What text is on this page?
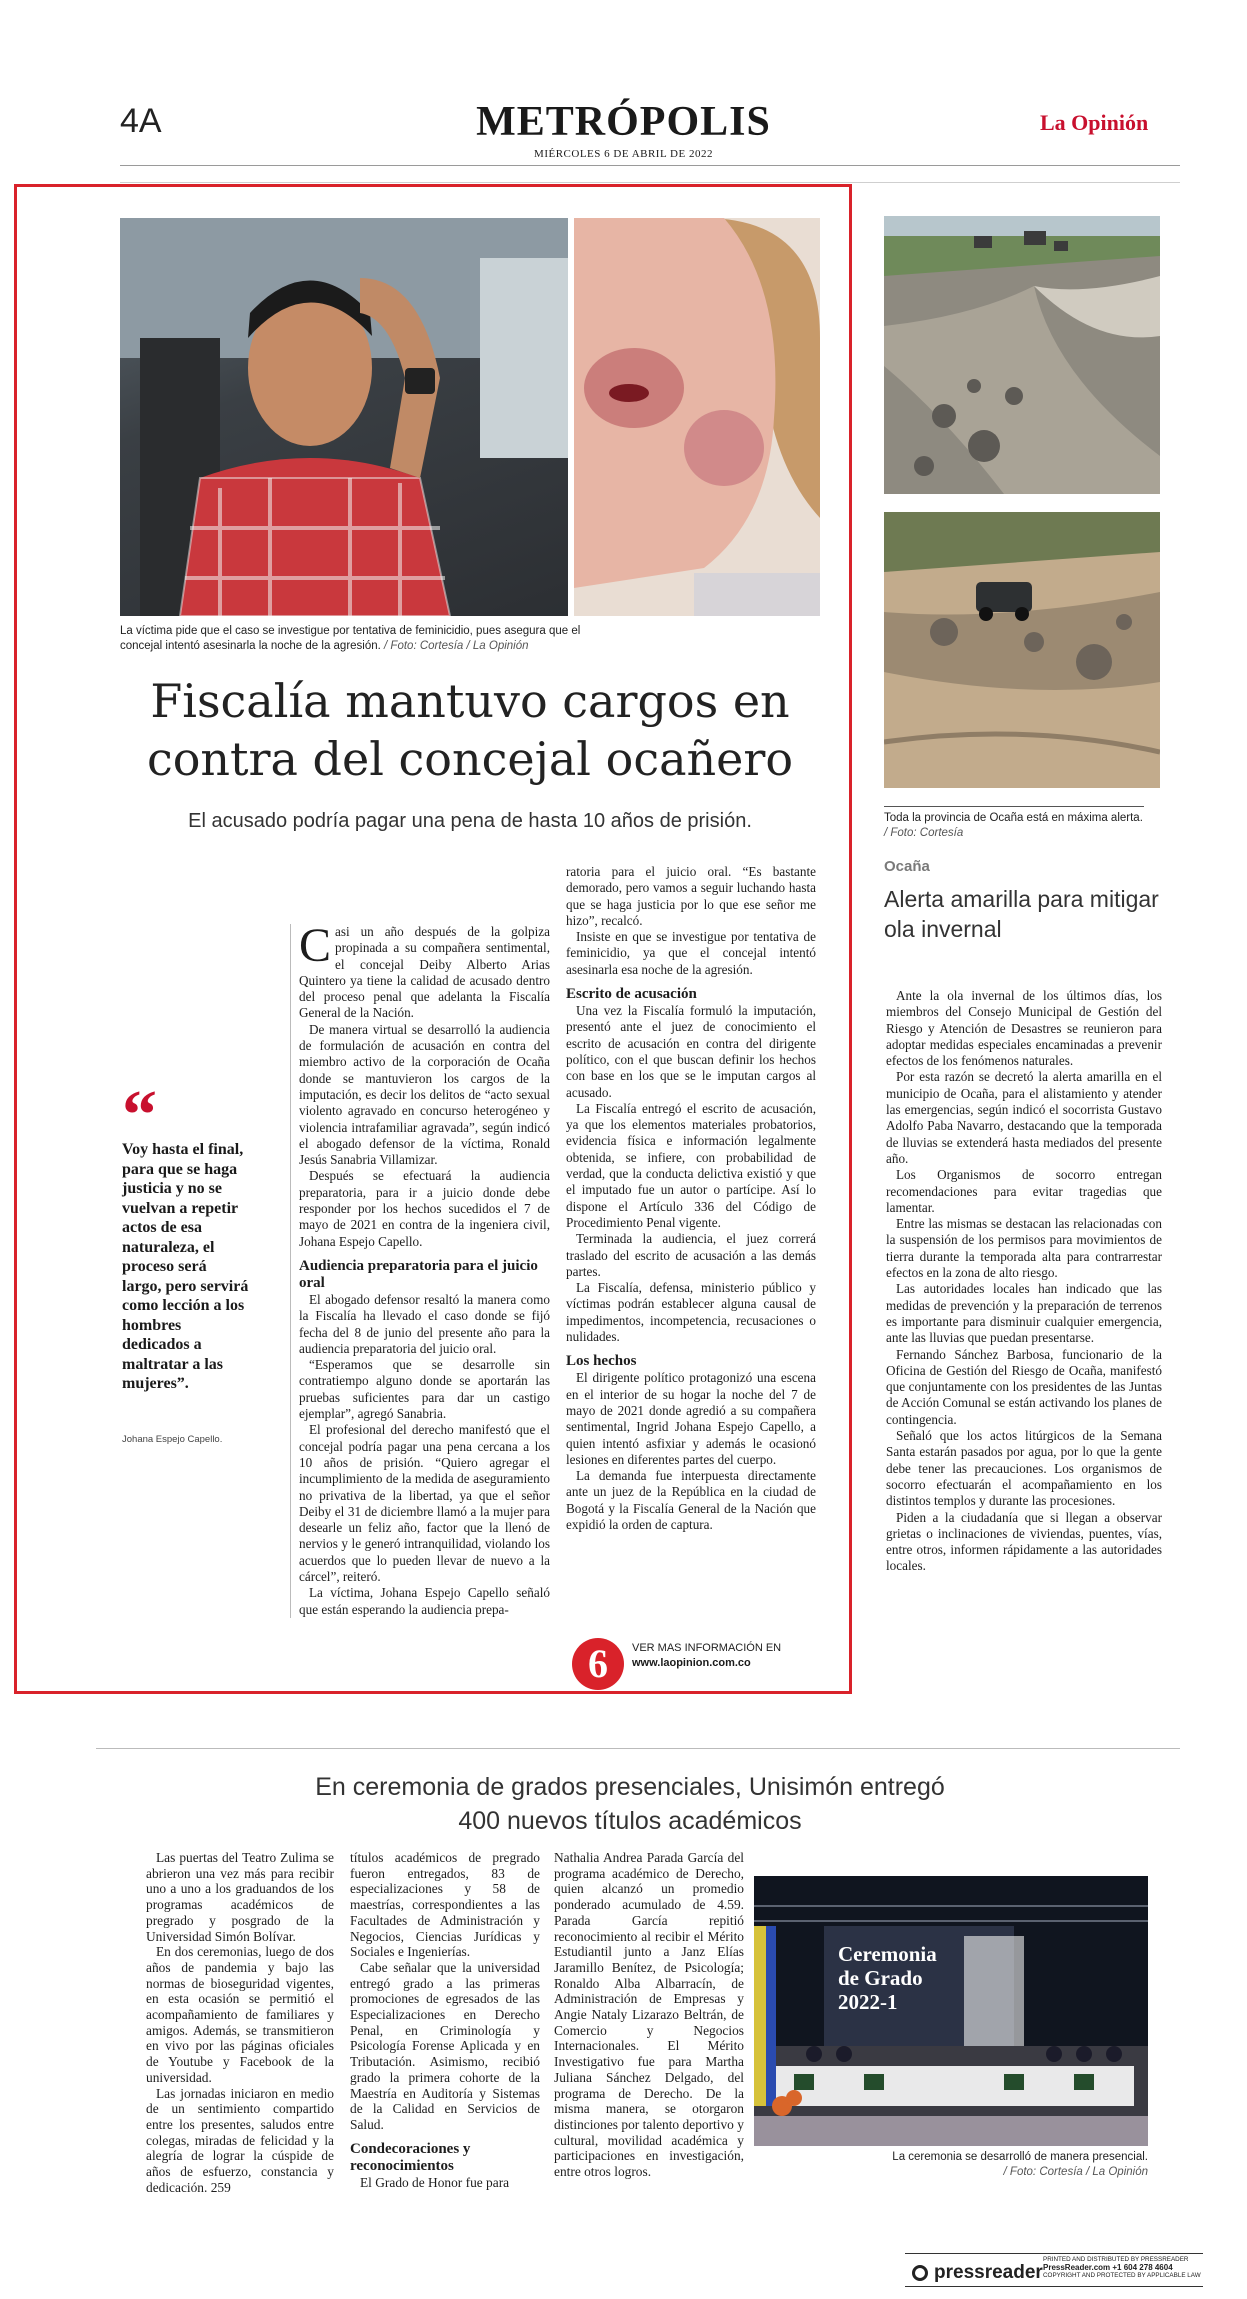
4A	METRÓPOLIS
MIÉRCOLES 6 DE ABRIL DE 2022
La Opinión
La víctima pide que el caso se investigue por tentativa de feminicidio, pues asegura que el concejal intentó asesinarla la noche de la agresión. / Foto: Cortesía / La Opinión
Fiscalía mantuvo cargos en contra del concejal ocañero
El acusado podría pagar una pena de hasta 10 años de prisión.
“
Voy hasta el final, para que se haga justicia y no se vuelvan a repetir actos de esa naturaleza, el proceso será largo, pero servirá como lección a los hombres dedicados a maltratar a las mujeres”.
Johana Espejo Capello.

Casi un año después de la golpiza propinada a su compañera sentimental, el concejal Deiby Alberto Arias Quintero ya tiene la calidad de acusado dentro del proceso penal que adelanta la Fiscalía General de la Nación.

De manera virtual se desarrolló la audiencia de formulación de acusación en contra del miembro activo de la corporación de Ocaña donde se mantuvieron los cargos de la imputación, es decir los delitos de “acto sexual violento agravado en concurso heterogéneo y violencia intrafamiliar agravada”, según indicó el abogado defensor de la víctima, Ronald Jesús Sanabria Villamizar.

Después se efectuará la audiencia preparatoria, para ir a juicio donde debe responder por los hechos sucedidos el 7 de mayo de 2021 en contra de la ingeniera civil, Johana Espejo Capello.

Audiencia preparatoria para el juicio oral

El abogado defensor resaltó la manera como la Fiscalía ha llevado el caso donde se fijó fecha del 8 de junio del presente año para la audiencia preparatoria del juicio oral.

“Esperamos que se desarrolle sin contratiempo alguno donde se aportarán las pruebas suficientes para dar un castigo ejemplar”, agregó Sanabria.

El profesional del derecho manifestó que el concejal podría pagar una pena cercana a los 10 años de prisión. “Quiero agregar el incumplimiento de la medida de aseguramiento no privativa de la libertad, ya que el señor Deiby el 31 de diciembre llamó a la mujer para desearle un feliz año, factor que la llenó de nervios y le generó intranquilidad, violando los acuerdos que lo pueden llevar de nuevo a la cárcel”, reiteró.

La víctima, Johana Espejo Capello señaló que están esperando la audiencia prepa-

ratoria para el juicio oral. “Es bastante demorado, pero vamos a seguir luchando hasta que se haga justicia por lo que ese señor me hizo”, recalcó.

Insiste en que se investigue por tentativa de feminicidio, ya que el concejal intentó asesinarla esa noche de la agresión.

Escrito de acusación

Una vez la Fiscalía formuló la imputación, presentó ante el juez de conocimiento el escrito de acusación en contra del dirigente político, con el que buscan definir los hechos con base en los que se le imputan cargos al acusado.

La Fiscalía entregó el escrito de acusación, ya que los elementos materiales probatorios, evidencia física e información legalmente obtenida, se infiere, con probabilidad de verdad, que la conducta delictiva existió y que el imputado fue un autor o partícipe. Así lo dispone el Artículo 336 del Código de Procedimiento Penal vigente.

Terminada la audiencia, el juez correrá traslado del escrito de acusación a las demás partes.

La Fiscalía, defensa, ministerio público y víctimas podrán establecer alguna causal de impedimentos, incompetencia, recusaciones o nulidades.

Los hechos

El dirigente político protagonizó una escena en el interior de su hogar la noche del 7 de mayo de 2021 donde agredió a su compañera sentimental, Ingrid Johana Espejo Capello, a quien intentó asfixiar y además le ocasionó lesiones en diferentes partes del cuerpo.

La demanda fue interpuesta directamente ante un juez de la República en la ciudad de Bogotá y la Fiscalía General de la Nación que expidió la orden de captura.

6	VER MAS INFORMACIÓN EN
www.laopinion.com.co
Toda la provincia de Ocaña está en máxima alerta. / Foto: Cortesía
Ocaña
Alerta amarilla para mitigar ola invernal

Ante la ola invernal de los últimos días, los miembros del Consejo Municipal de Gestión del Riesgo y Atención de Desastres se reunieron para adoptar medidas especiales encaminadas a prevenir efectos de los fenómenos naturales.

Por esta razón se decretó la alerta amarilla en el municipio de Ocaña, para el alistamiento y atender las emergencias, según indicó el socorrista Gustavo Adolfo Paba Navarro, destacando que la temporada de lluvias se extenderá hasta mediados del presente año.

Los Organismos de socorro entregan recomendaciones para evitar tragedias que lamentar.

Entre las mismas se destacan las relacionadas con la suspensión de los permisos para movimientos de tierra durante la temporada alta para contrarrestar efectos en la zona de alto riesgo.

Las autoridades locales han indicado que las medidas de prevención y la preparación de terrenos es importante para disminuir cualquier emergencia, ante las lluvias que puedan presentarse.

Fernando Sánchez Barbosa, funcionario de la Oficina de Gestión del Riesgo de Ocaña, manifestó que conjuntamente con los presidentes de las Juntas de Acción Comunal se están activando los planes de contingencia.

Señaló que los actos litúrgicos de la Semana Santa estarán pasados por agua, por lo que la gente debe tener las precauciones. Los organismos de socorro efectuarán el acompañamiento en los distintos templos y durante las procesiones.

Piden a la ciudadanía que si llegan a observar grietas o inclinaciones de viviendas, puentes, vías, entre otros, informen rápidamente a las autoridades locales.

En ceremonia de grados presenciales, Unisimón entregó 400 nuevos títulos académicos

Las puertas del Teatro Zulima se abrieron una vez más para recibir uno a uno a los graduandos de los programas académicos de pregrado y posgrado de la Universidad Simón Bolívar.

En dos ceremonias, luego de dos años de pandemia y bajo las normas de bioseguridad vigentes, en esta ocasión se permitió el acompañamiento de familiares y amigos. Además, se transmitieron en vivo por las páginas oficiales de Youtube y Facebook de la universidad.

Las jornadas iniciaron en medio de un sentimiento compartido entre los presentes, saludos entre colegas, miradas de felicidad y la alegría de lograr la cúspide de años de esfuerzo, constancia y dedicación. 259

títulos académicos de pregrado fueron entregados, 83 de especializaciones y 58 de maestrías, correspondientes a las Facultades de Administración y Negocios, Ciencias Jurídicas y Sociales e Ingenierías.

Cabe señalar que la universidad entregó grado a las primeras promociones de egresados de las Especializaciones en Derecho Penal, en Criminología y Psicología Forense Aplicada y en Tributación. Asimismo, recibió grado la primera cohorte de la Maestría en Auditoría y Sistemas de la Calidad en Servicios de Salud.

Condecoraciones y reconocimientos

El Grado de Honor fue para

Nathalia Andrea Parada García del programa académico de Derecho, quien alcanzó un promedio ponderado acumulado de 4.59. Parada García repitió reconocimiento al recibir el Mérito Estudiantil junto a Janz Elías Jaramillo Benítez, de Psicología; Ronaldo Alba Albarracín, de Administración de Empresas y Angie Nataly Lizarazo Beltrán, de Comercio y Negocios Internacionales. El Mérito Investigativo fue para Martha Juliana Sánchez Delgado, del programa de Derecho. De la misma manera, se otorgaron distinciones por talento deportivo y cultural, movilidad académica y participaciones en investigación, entre otros logros.

Ceremonia de Grado 2022-1
La ceremonia se desarrolló de manera presencial.
/ Foto: Cortesía / La Opinión
pressreader
PRINTED AND DISTRIBUTED BY PRESSREADER
PressReader.com +1 604 278 4604
COPYRIGHT AND PROTECTED BY APPLICABLE LAW
